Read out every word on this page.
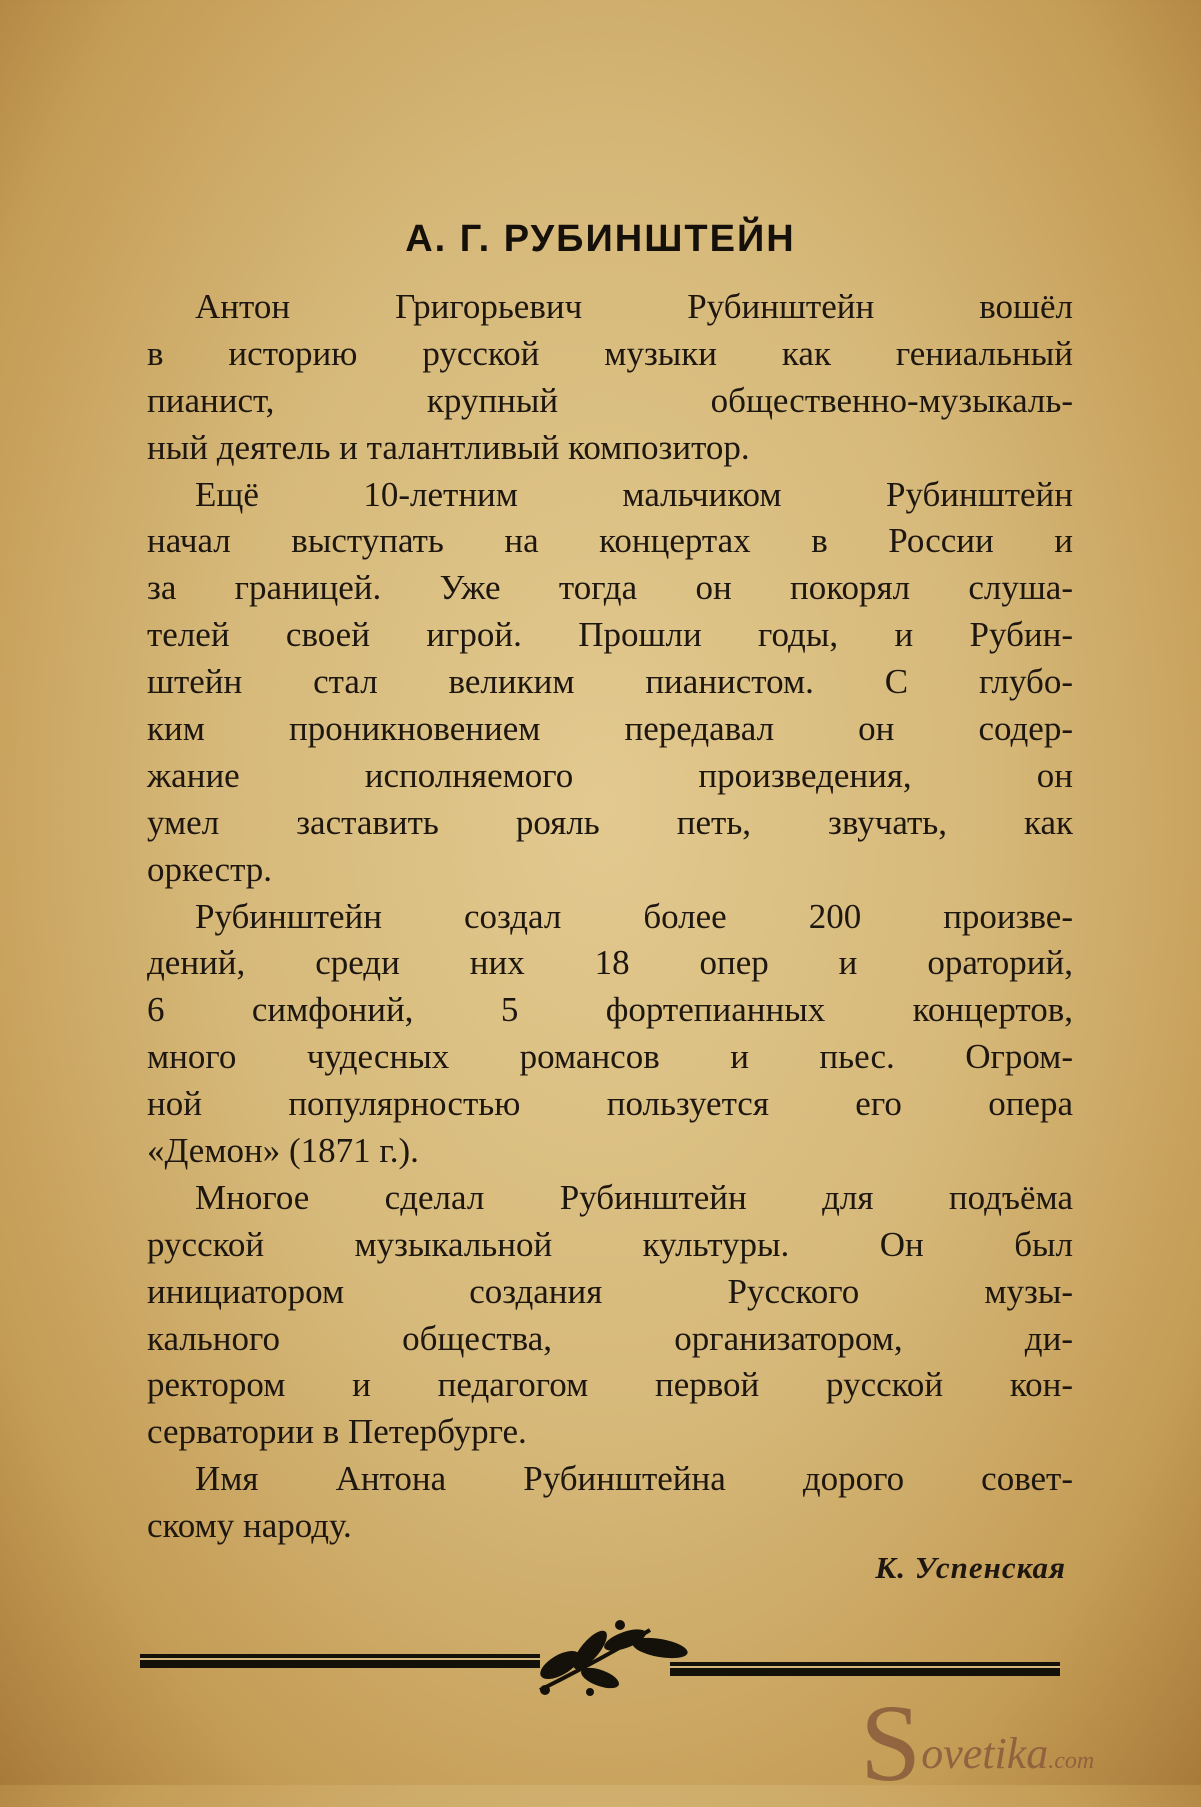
А. Г. РУБИНШТЕЙН
Антон Григорьевич Рубинштейн вошёл
в историю русской музыки как гениальный
пианист, крупный общественно-музыкаль-
ный деятель и талантливый композитор.
Ещё 10-летним мальчиком Рубинштейн
начал выступать на концертах в России и
за границей. Уже тогда он покорял слуша-
телей своей игрой. Прошли годы, и Рубин-
штейн стал великим пианистом. С глубо-
ким проникновением передавал он содер-
жание исполняемого произведения, он
умел заставить рояль петь, звучать, как
оркестр.
Рубинштейн создал более 200 произве-
дений, среди них 18 опер и ораторий,
6 симфоний, 5 фортепианных концертов,
много чудесных романсов и пьес. Огром-
ной популярностью пользуется его опера
«Демон» (1871 г.).
Многое сделал Рубинштейн для подъёма
русской музыкальной культуры. Он был
инициатором создания Русского музы-
кального общества, организатором, ди-
ректором и педагогом первой русской кон-
серватории в Петербурге.
Имя Антона Рубинштейна дорого совет-
скому народу.
К. Успенская
Sovetika.com
